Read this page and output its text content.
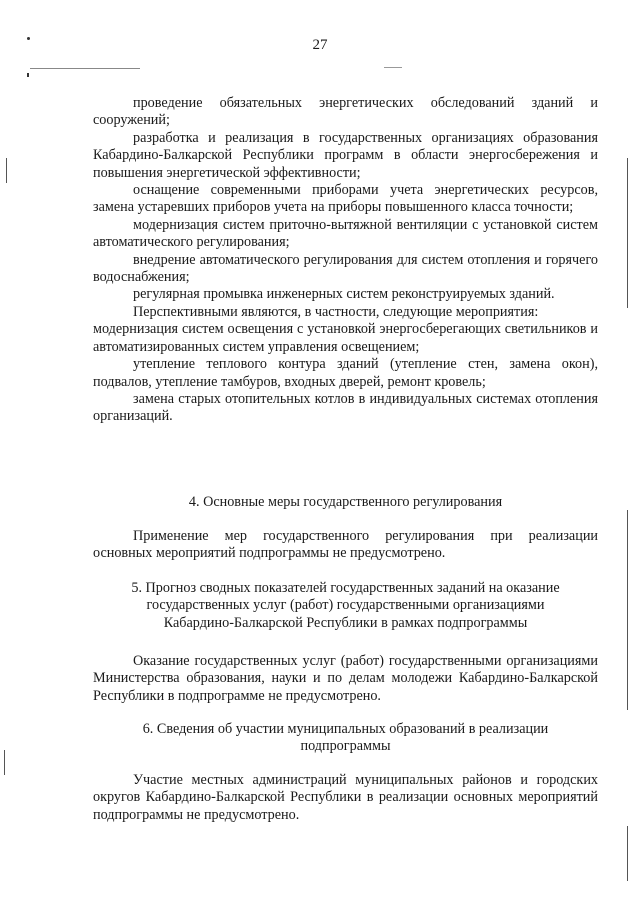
27

проведение обязательных энергетических обследований зданий и сооружений;

разработка и реализация в государственных организациях образования Кабардино-Балкарской Республики программ в области энергосбережения и повышения энергетической эффективности;

оснащение современными приборами учета энергетических ресурсов, замена устаревших приборов учета на приборы повышенного класса точности;

модернизация систем приточно-вытяжной вентиляции с установкой систем автоматического регулирования;

внедрение автоматического регулирования для систем отопления и горячего водоснабжения;

регулярная промывка инженерных систем реконструируемых зданий.

Перспективными являются, в частности, следующие мероприятия:

модернизация систем освещения с установкой энергосберегающих светильников и автоматизированных систем управления освещением;

утепление теплового контура зданий (утепление стен, замена окон), подвалов, утепление тамбуров, входных дверей, ремонт кровель;

замена старых отопительных котлов в индивидуальных системах отопления организаций.

4. Основные меры государственного регулирования

Применение мер государственного регулирования при реализации основных мероприятий подпрограммы не предусмотрено.

5. Прогноз сводных показателей государственных заданий на оказание государственных услуг (работ) государственными организациями Кабардино-Балкарской Республики в рамках подпрограммы

Оказание государственных услуг (работ) государственными организациями Министерства образования, науки и по делам молодежи Кабардино-Балкарской Республики в подпрограмме не предусмотрено.

6. Сведения об участии муниципальных образований в реализации подпрограммы

Участие местных администраций муниципальных районов и городских округов Кабардино-Балкарской Республики в реализации основных мероприятий подпрограммы не предусмотрено.
